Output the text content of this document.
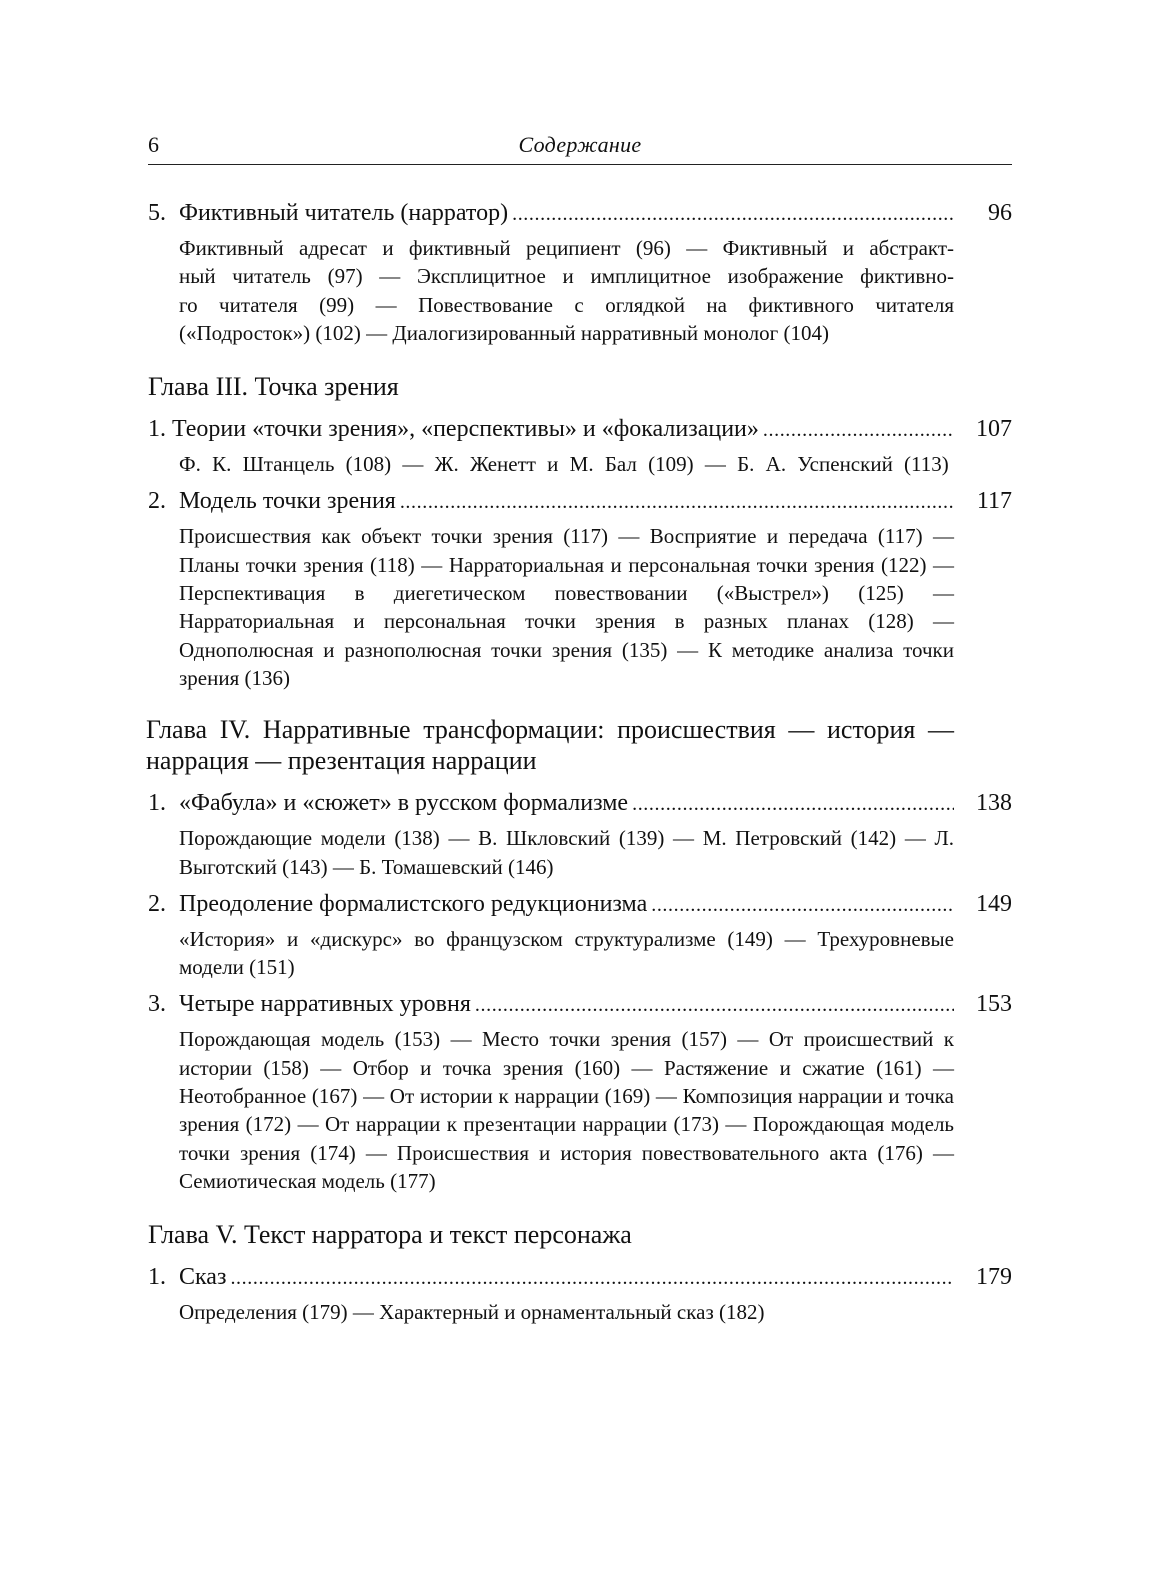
6	Содержание
5. Фиктивный читатель (нарратор) . . .	96
Фиктивный адресат и фиктивный реципиент (96) — Фиктивный и абстракт-
ный читатель (97) — Эксплицитное и имплицитное изображение фиктивно-
го читателя (99) — Повествование с оглядкой на фиктивного читателя
(«Подросток») (102) — Диалогизированный нарративный монолог (104)
Глава III. Точка зрения
1. Теории «точки зрения», «перспективы» и «фокализации» . . .	107
Ф. К. Штанцель (108) — Ж. Женетт и М. Бал (109) — Б. А. Успенский (113)
2. Модель точки зрения . . .	117
Происшествия как объект точки зрения (117) — Восприятие и передача (117) — Планы точки зрения (118) — Нарраториальная и персональная точки зрения (122) — Перспективация в диегетическом повествовании («Выстрел») (125) — Нарраториальная и персональная точки зрения в разных планах (128) — Однополюсная и разнополюсная точки зрения (135) — К методике анализа точки зрения (136)
Глава IV. Нарративные трансформации: происшествия — история — наррация — презентация наррации
1. «Фабула» и «сюжет» в русском формализме . . .	138
Порождающие модели (138) — В. Шкловский (139) — М. Петровский (142) — Л. Выготский (143) — Б. Томашевский (146)
2. Преодоление формалистского редукционизма . . .	149
«История» и «дискурс» во французском структурализме (149) — Трехуровневые модели (151)
3. Четыре нарративных уровня . . .	153
Порождающая модель (153) — Место точки зрения (157) — От происшествий к истории (158) — Отбор и точка зрения (160) — Растяжение и сжатие (161) — Неотобранное (167) — От истории к наррации (169) — Композиция наррации и точка зрения (172) — От наррации к презентации наррации (173) — Порождающая модель точки зрения (174) — Происшествия и история повествовательного акта (176) — Семиотическая модель (177)
Глава V. Текст нарратора и текст персонажа
1. Сказ . . .	179
Определения (179) — Характерный и орнаментальный сказ (182)
